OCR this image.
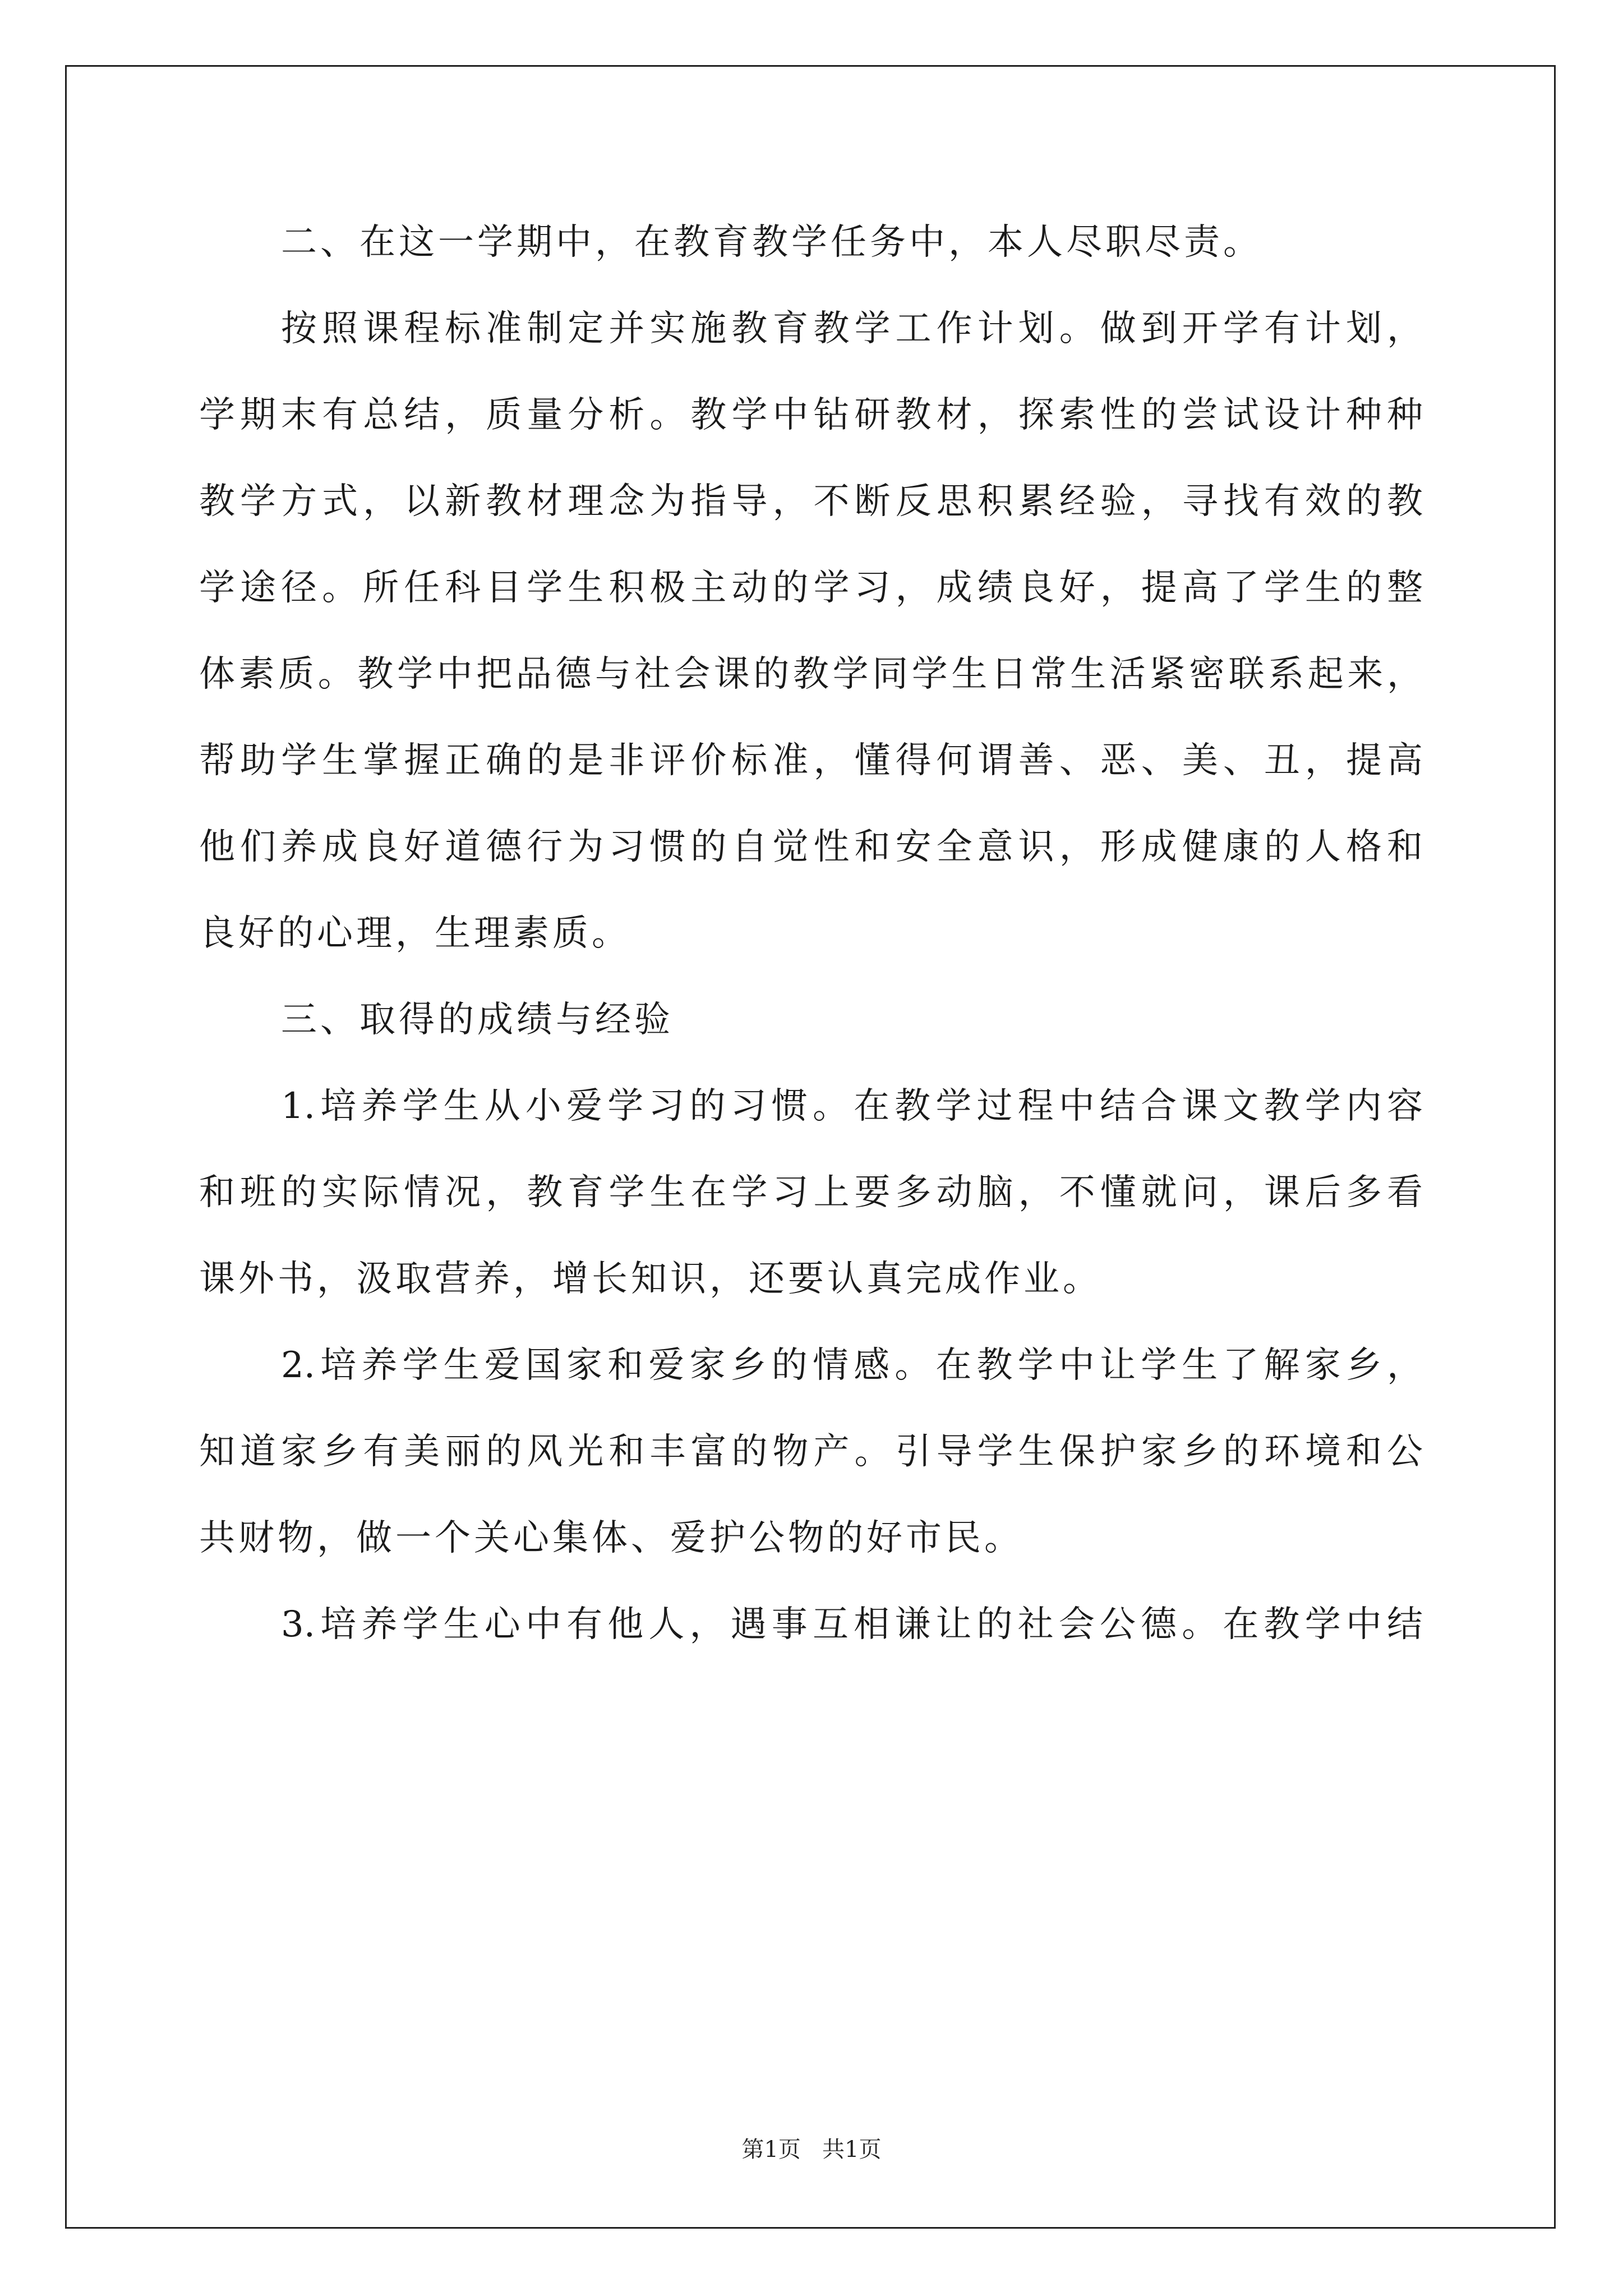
二、在这一学期中，在教育教学任务中，本人尽职尽责。
按照课程标准制定并实施教育教学工作计划。做到开学有计划，
学期末有总结，质量分析。教学中钻研教材，探索性的尝试设计种种
教学方式，以新教材理念为指导，不断反思积累经验，寻找有效的教
学途径。所任科目学生积极主动的学习，成绩良好，提高了学生的整
体素质。教学中把品德与社会课的教学同学生日常生活紧密联系起来，
帮助学生掌握正确的是非评价标准，懂得何谓善、恶、美、丑，提高
他们养成良好道德行为习惯的自觉性和安全意识，形成健康的人格和
良好的心理，生理素质。
三、取得的成绩与经验
1.培养学生从小爱学习的习惯。在教学过程中结合课文教学内容
和班的实际情况，教育学生在学习上要多动脑，不懂就问，课后多看
课外书，汲取营养，增长知识，还要认真完成作业。
2.培养学生爱国家和爱家乡的情感。在教学中让学生了解家乡，
知道家乡有美丽的风光和丰富的物产。引导学生保护家乡的环境和公
共财物，做一个关心集体、爱护公物的好市民。
3.培养学生心中有他人，遇事互相谦让的社会公德。在教学中结
第1页   共1页
